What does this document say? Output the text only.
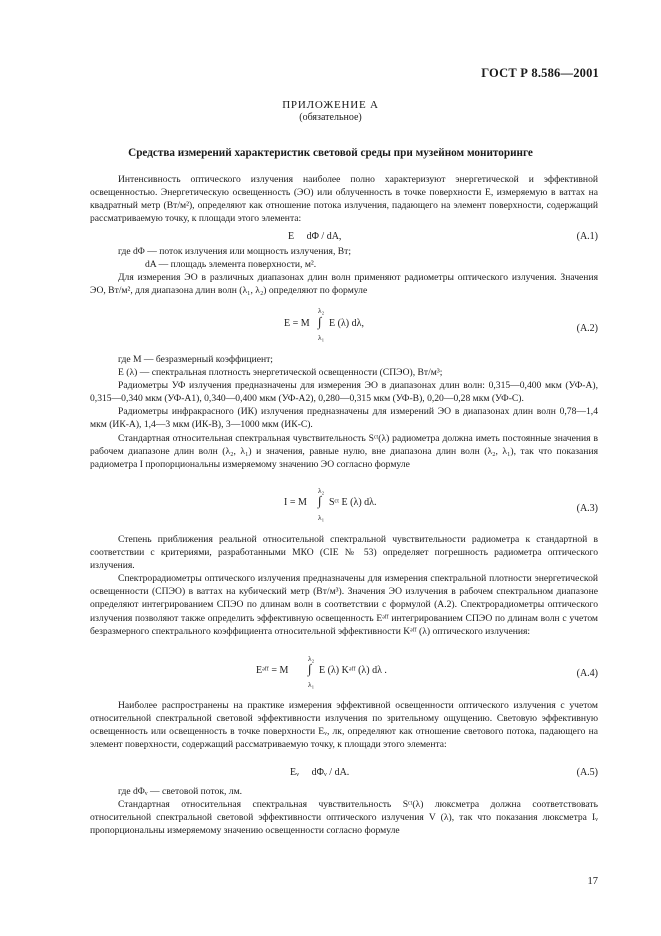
ГОСТ Р 8.586—2001
ПРИЛОЖЕНИЕ А
(обязательное)
Средства измерений характеристик световой среды при музейном мониторинге

Интенсивность оптического излучения наиболее полно характеризуют энергетической и эффективной освещенностью. Энергетическую освещенность (ЭО) или облученность в точке поверхности E, измеряемую в ваттах на квадратный метр (Вт/м²), определяют как отношение потока излучения, падающего на элемент поверхности, содержащий рассматриваемую точку, к площади этого элемента:

E dΦ / dA,	(А.1)

где dΦ — поток излучения или мощность излучения, Вт;

dA — площадь элемента поверхности, м².

Для измерения ЭО в различных диапазонах длин волн применяют радиометры оптического излучения. Значения ЭО, Вт/м², для диапазона длин волн (λ₁, λ₂) определяют по формуле

E = M
λ₂
∫
λ₁
E (λ) dλ,	(А.2)

где M — безразмерный коэффициент;

E (λ) — спектральная плотность энергетической освещенности (СПЭО), Вт/м³;

Радиометры УФ излучения предназначены для измерения ЭО в диапазонах длин волн: 0,315—0,400 мкм (УФ-А), 0,315—0,340 мкм (УФ-А1), 0,340—0,400 мкм (УФ-А2), 0,280—0,315 мкм (УФ-В), 0,20—0,28 мкм (УФ-С).

Радиометры инфракрасного (ИК) излучения предназначены для измерений ЭО в диапазонах длин волн 0,78—1,4 мкм (ИК-А), 1,4—3 мкм (ИК-В), 3—1000 мкм (ИК-С).

Стандартная относительная спектральная чувствительность Sᶜᵗ(λ) радиометра должна иметь постоянные значения в рабочем диапазоне длин волн (λ₂, λ₁) и значения, равные нулю, вне диапазона длин волн (λ₂, λ₁), так что показания радиометра I пропорциональны измеряемому значению ЭО согласно формуле

I = M
λ₂
∫
λ₁
Sᶜᵗ E (λ) dλ.
(А.3)

Степень приближения реальной относительной спектральной чувствительности радиометра к стандартной в соответствии с критериями, разработанными МКО (CIE № 53) определяет погрешность радиометра оптического излучения.

Спектрорадиометры оптического излучения предназначены для измерения спектральной плотности энергетической освещенности (СПЭО) в ваттах на кубический метр (Вт/м³). Значения ЭО излучения в рабочем спектральном диапазоне определяют интегрированием СПЭО по длинам волн в соответствии с формулой (А.2). Спектрорадиометры оптического излучения позволяют также определить эффективную освещенность Eᵊᶠᶠ интегрированием СПЭО по длинам волн с учетом безразмерного спектрального коэффициента относительной эффективности Kᵊᶠᶠ (λ) оптического излучения:

Eᵊᶠᶠ = M
λ₂
∫
λ₁
E (λ) Kᵊᶠᶠ (λ) dλ .	(А.4)

Наиболее распространены на практике измерения эффективной освещенности оптического излучения с учетом относительной спектральной световой эффективности излучения по зрительному ощущению. Световую эффективную освещенность или освещенность в точке поверхности Eᵥ, лк, определяют как отношение светового потока, падающего на элемент поверхности, содержащий рассматриваемую точку, к площади этого элемента:

Eᵥ dΦᵥ / dA.	(А.5)

где dΦᵥ — световой поток, лм.

Стандартная относительная спектральная чувствительность Sᶜᵗ(λ) люксметра должна соответствовать относительной спектральной световой эффективности оптического излучения V (λ), так что показания люксметра Iᵥ пропорциональны измеряемому значению освещенности согласно формуле

17
